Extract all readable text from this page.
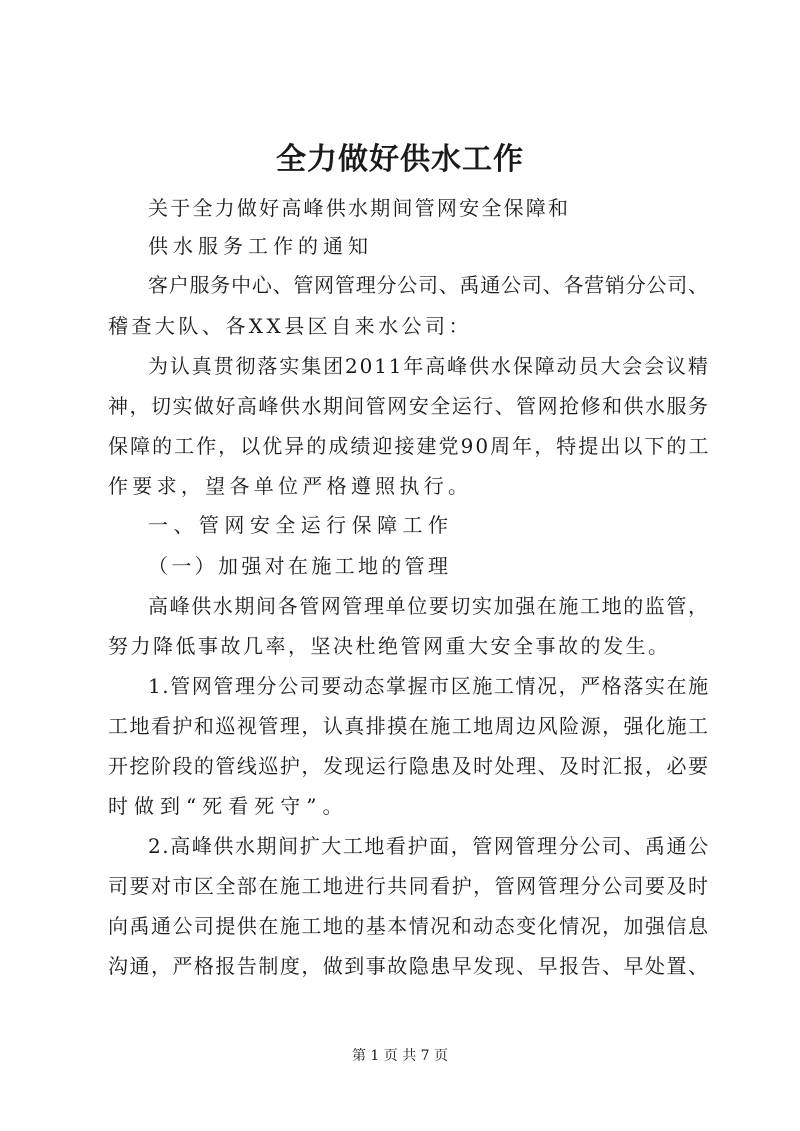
全力做好供水工作
关于全力做好高峰供水期间管网安全保障和
供水服务工作的通知
客户服务中心、管网管理分公司、禹通公司、各营销分公司、
稽查大队、各XX县区自来水公司：
为认真贯彻落实集团2011年高峰供水保障动员大会会议精
神，切实做好高峰供水期间管网安全运行、管网抢修和供水服务
保障的工作，以优异的成绩迎接建党90周年，特提出以下的工
作要求，望各单位严格遵照执行。
一、管网安全运行保障工作
（一）加强对在施工地的管理
高峰供水期间各管网管理单位要切实加强在施工地的监管，
努力降低事故几率，坚决杜绝管网重大安全事故的发生。
1.管网管理分公司要动态掌握市区施工情况，严格落实在施
工地看护和巡视管理，认真排摸在施工地周边风险源，强化施工
开挖阶段的管线巡护，发现运行隐患及时处理、及时汇报，必要
时做到“死看死守”。
2.高峰供水期间扩大工地看护面，管网管理分公司、禹通公
司要对市区全部在施工地进行共同看护，管网管理分公司要及时
向禹通公司提供在施工地的基本情况和动态变化情况，加强信息
沟通，严格报告制度，做到事故隐患早发现、早报告、早处置、
第 1 页 共 7 页
